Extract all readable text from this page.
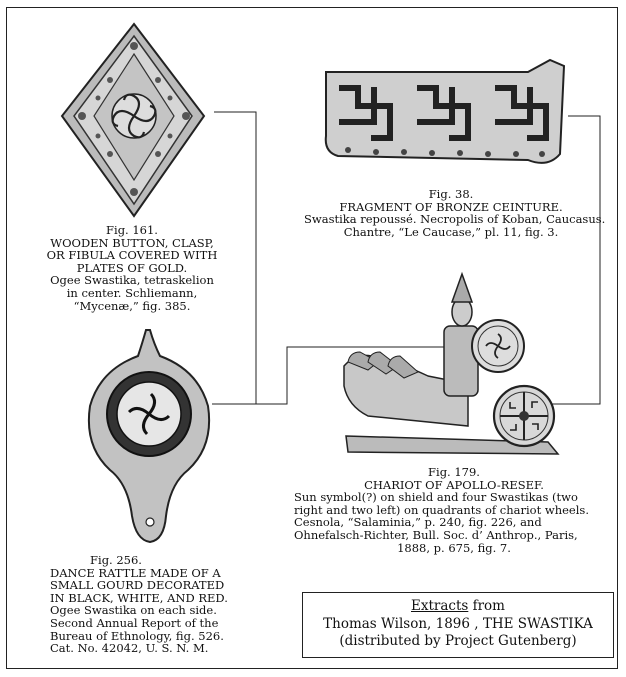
Fig. 161.
WOODEN BUTTON, CLASP,
OR FIBULA COVERED WITH
PLATES OF GOLD.
Ogee Swastika, tetraskelion
in center. Schliemann,
“Mycenæ,” fig. 385.
Fig. 38.
FRAGMENT OF BRONZE CEINTURE.
Swastika repoussé. Necropolis of Koban, Caucasus.
Chantre, “Le Caucase,” pl. 11, fig. 3.
Fig. 179.
CHARIOT OF APOLLO-RESEF.
Sun symbol(?) on shield and four Swastikas (two
right and two left) on quadrants of chariot wheels.
Cesnola, “Salaminia,” p. 240, fig. 226, and
Ohnefalsch-Richter, Bull. Soc. d’ Anthrop., Paris,
1888, p. 675, fig. 7.
Fig. 256.
DANCE RATTLE MADE OF A
SMALL GOURD DECORATED
IN BLACK, WHITE, AND RED.
Ogee Swastika on each side.
Second Annual Report of the
Bureau of Ethnology, fig. 526.
Cat. No. 42042, U. S. N. M.
Extracts from
Thomas Wilson, 1896 , THE SWASTIKA
(distributed by Project Gutenberg)
